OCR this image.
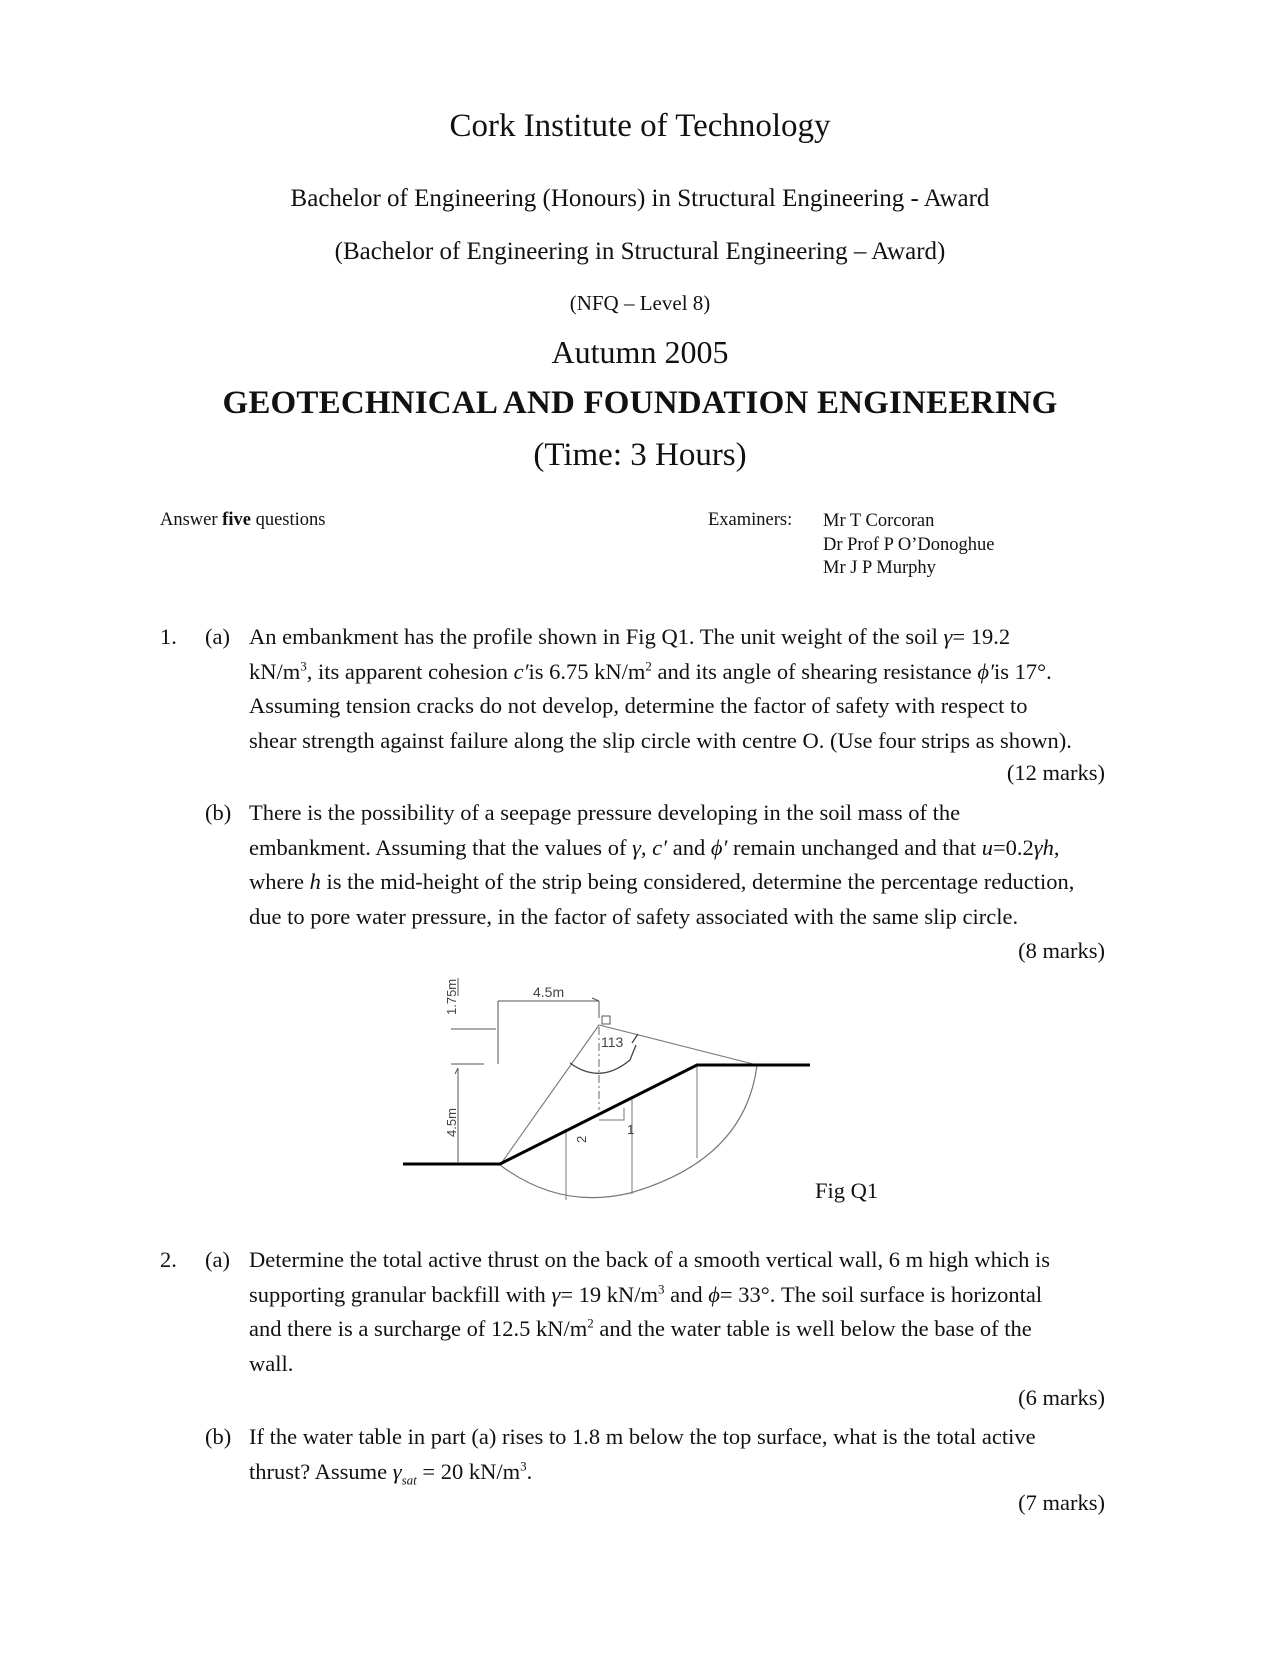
Cork Institute of Technology
Bachelor of Engineering (Honours) in Structural Engineering - Award
(Bachelor of Engineering in Structural Engineering – Award)
(NFQ – Level 8)
Autumn 2005
GEOTECHNICAL AND FOUNDATION ENGINEERING
(Time: 3 Hours)
Answer five questions	Examiners: Mr T Corcoran
Dr Prof P O’Donoghue
Mr J P Murphy
1. (a) An embankment has the profile shown in Fig Q1. The unit weight of the soil γ= 19.2
$kN/m^3$, its apparent cohesion c′is 6.75 $kN/m^2$ and its angle of shearing resistance ϕ′is 17°.
Assuming tension cracks do not develop, determine the factor of safety with respect to
shear strength against failure along the slip circle with centre O. (Use four strips as shown).
(12 marks)
(b) There is the possibility of a seepage pressure developing in the soil mass of the
embankment. Assuming that the values of γ, c′ and ϕ′ remain unchanged and that u=0.2γh,
where h is the mid-height of the strip being considered, determine the percentage reduction,
due to pore water pressure, in the factor of safety associated with the same slip circle.
(8 marks)
4.5m
1.75m
4.5m
113
2
1
Fig Q1
2. (a) Determine the total active thrust on the back of a smooth vertical wall, 6 m high which is
supporting granular backfill with γ= 19 $kN/m^3$ and ϕ= 33°. The soil surface is horizontal
and there is a surcharge of 12.5 $kN/m^2$ and the water table is well below the base of the
wall.
(6 marks)
(b) If the water table in part (a) rises to 1.8 m below the top surface, what is the total active
thrust? Assume $\gamma_{sat} = 20$ $kN/m^3$.
(7 marks)
